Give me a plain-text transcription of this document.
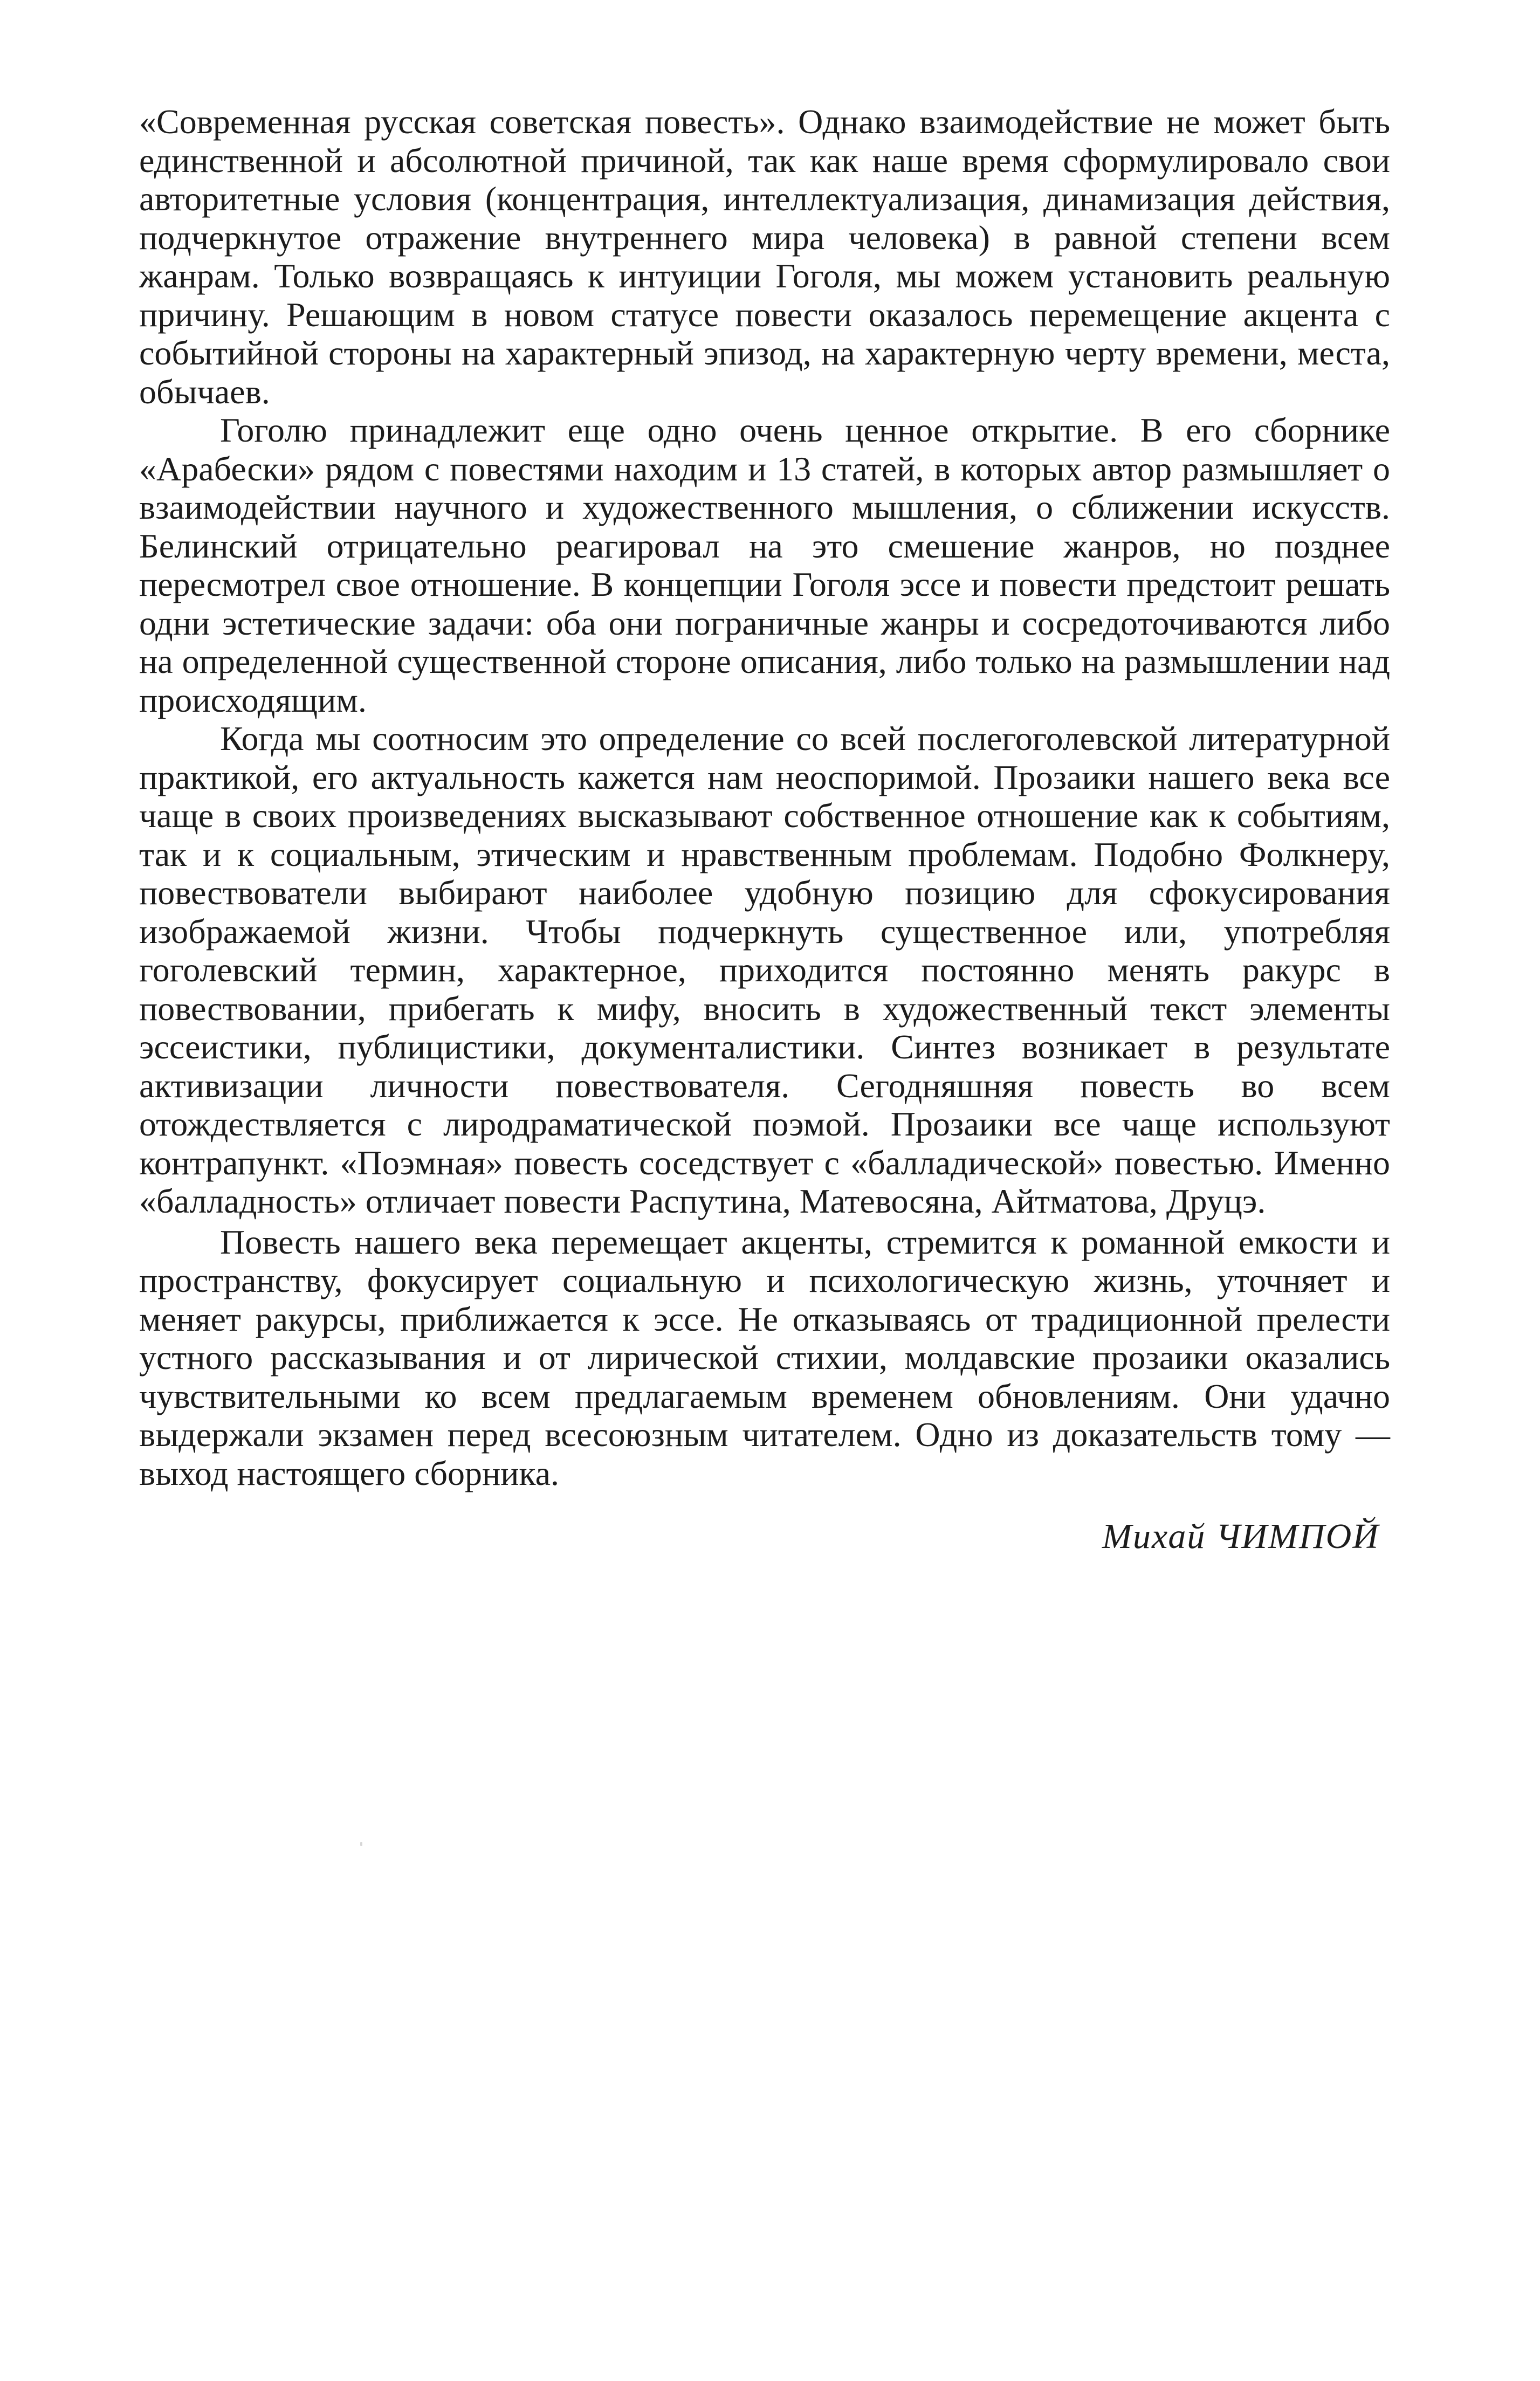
«Современная русская советская повесть». Однако взаимодействие не может быть единственной и абсолютной причиной, так как наше время сформулировало свои авторитетные условия (концентрация, интеллектуализация, динамизация действия, подчеркнутое отражение внутреннего мира человека) в равной степени всем жанрам. Только возвращаясь к интуиции Гоголя, мы можем установить реальную причину. Решающим в новом статусе повести оказалось перемещение акцента с событийной стороны на характерный эпизод, на характерную черту времени, места, обычаев.

Гоголю принадлежит еще одно очень ценное открытие. В его сборнике «Арабески» рядом с повестями находим и 13 статей, в которых автор размышляет о взаимодействии научного и художественного мышления, о сближении искусств. Белинский отрицательно реагировал на это смешение жанров, но позднее пересмотрел свое отношение. В концепции Гоголя эссе и повести предстоит решать одни эстетические задачи: оба они пограничные жанры и сосредоточиваются либо на определенной существенной стороне описания, либо только на размышлении над происходящим.

Когда мы соотносим это определение со всей послегоголевской литературной практикой, его актуальность кажется нам неоспоримой. Прозаики нашего века все чаще в своих произведениях высказывают собственное отношение как к событиям, так и к социальным, этическим и нравственным проблемам. Подобно Фолкнеру, повествователи выбирают наиболее удобную позицию для сфокусирования изображаемой жизни. Чтобы подчеркнуть существенное или, употребляя гоголевский термин, характерное, приходится постоянно менять ракурс в повествовании, прибегать к мифу, вносить в художественный текст элементы эссеистики, публицистики, документалистики. Синтез возникает в результате активизации личности повествователя. Сегодняшняя повесть во всем отождествляется с лиродраматической поэмой. Прозаики все чаще используют контрапункт. «Поэмная» повесть соседствует с «балладической» повестью. Именно «балладность» отличает повести Распутина, Матевосяна, Айтматова, Друцэ.

Повесть нашего века перемещает акценты, стремится к романной емкости и пространству, фокусирует социальную и психологическую жизнь, уточняет и меняет ракурсы, приближается к эссе. Не отказываясь от традиционной прелести устного рассказывания и от лирической стихии, молдавские прозаики оказались чувствительными ко всем предлагаемым временем обновлениям. Они удачно выдержали экзамен перед всесоюзным читателем. Одно из доказательств тому — выход настоящего сборника.

Михай ЧИМПОЙ
